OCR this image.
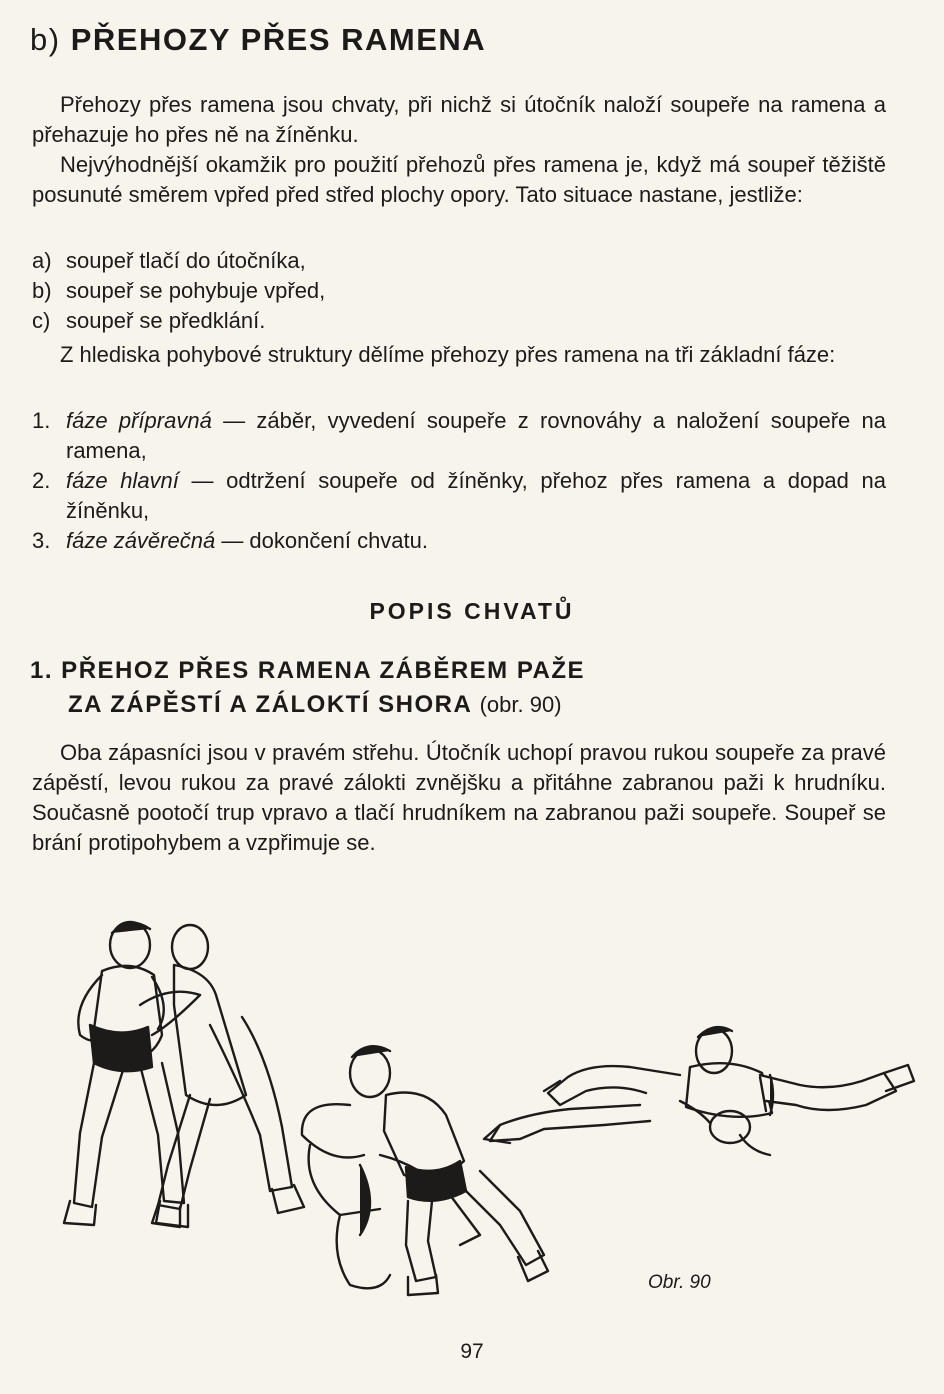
b) PŘEHOZY PŘES RAMENA

Přehozy přes ramena jsou chvaty, při nichž si útočník naloží soupeře na ramena a přehazuje ho přes ně na žíněnku.

Nejvýhodnější okamžik pro použití přehozů přes ramena je, když má soupeř těžiště posunuté směrem vpřed před střed plochy opory. Tato situace nastane, jestliže:

a) soupeř tlačí do útočníka,
b) soupeř se pohybuje vpřed,
c) soupeř se předklání.

Z hlediska pohybové struktury dělíme přehozy přes ramena na tři základní fáze:

1. fáze přípravná — záběr, vyvedení soupeře z rovnováhy a naložení soupeře na ramena,
2. fáze hlavní — odtržení soupeře od žíněnky, přehoz přes ramena a dopad na žíněnku,
3. fáze závěrečná — dokončení chvatu.
POPIS CHVATŮ
1. PŘEHOZ PŘES RAMENA ZÁBĚREM PAŽE
ZA ZÁPĚSTÍ A ZÁLOKTÍ SHORA (obr. 90)

Oba zápasníci jsou v pravém střehu. Útočník uchopí pravou rukou soupeře za pravé zápěstí, levou rukou za pravé zálokti zvnějšku a přitáhne zabranou paži k hrudníku. Současně pootočí trup vpravo a tlačí hrudníkem na zabranou paži soupeře. Soupeř se brání protipohybem a vzpřimuje se.

Obr. 90
97
